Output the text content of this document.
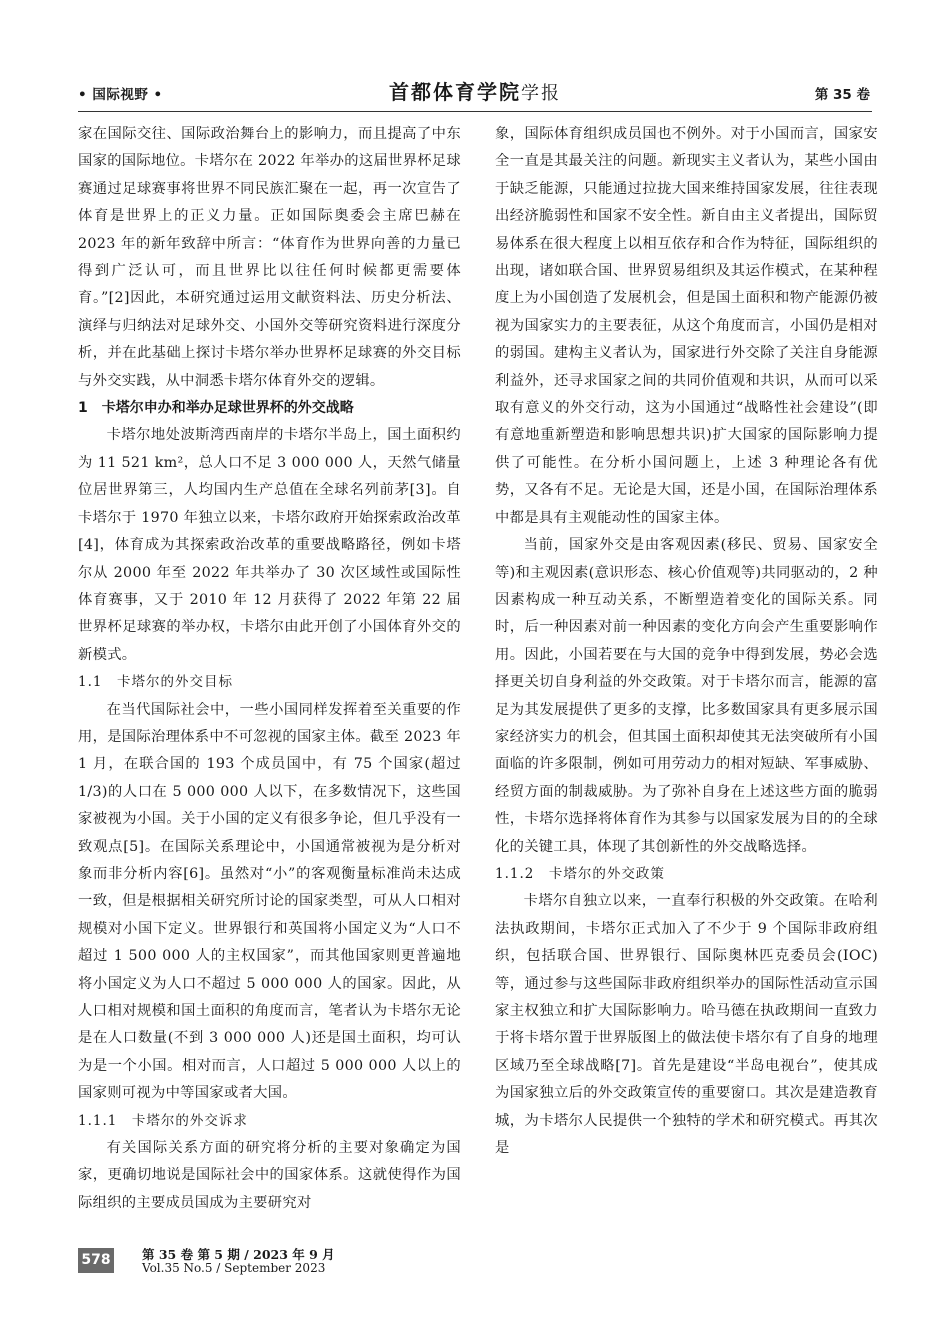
• 国际视野 •	首都体育学院学报	第 35 卷

家在国际交往、国际政治舞台上的影响力，而且提高了中东国家的国际地位。卡塔尔在 2022 年举办的这届世界杯足球赛通过足球赛事将世界不同民族汇聚在一起，再一次宣告了体育是世界上的正义力量。正如国际奥委会主席巴赫在 2023 年的新年致辞中所言：“体育作为世界向善的力量已得到广泛认可，而且世界比以往任何时候都更需要体育。”[2]因此，本研究通过运用文献资料法、历史分析法、演绎与归纳法对足球外交、小国外交等研究资料进行深度分析，并在此基础上探讨卡塔尔举办世界杯足球赛的外交目标与外交实践，从中洞悉卡塔尔体育外交的逻辑。

1　卡塔尔申办和举办足球世界杯的外交战略

卡塔尔地处波斯湾西南岸的卡塔尔半岛上，国土面积约为 11 521 km²，总人口不足 3 000 000 人，天然气储量位居世界第三，人均国内生产总值在全球名列前茅[3]。自卡塔尔于 1970 年独立以来，卡塔尔政府开始探索政治改革[4]，体育成为其探索政治改革的重要战略路径，例如卡塔尔从 2000 年至 2022 年共举办了 30 次区域性或国际性体育赛事，又于 2010 年 12 月获得了 2022 年第 22 届世界杯足球赛的举办权，卡塔尔由此开创了小国体育外交的新模式。

1.1　卡塔尔的外交目标

在当代国际社会中，一些小国同样发挥着至关重要的作用，是国际治理体系中不可忽视的国家主体。截至 2023 年 1 月，在联合国的 193 个成员国中，有 75 个国家(超过 1/3)的人口在 5 000 000 人以下，在多数情况下，这些国家被视为小国。关于小国的定义有很多争论，但几乎没有一致观点[5]。在国际关系理论中，小国通常被视为是分析对象而非分析内容[6]。虽然对“小”的客观衡量标准尚未达成一致，但是根据相关研究所讨论的国家类型，可从人口相对规模对小国下定义。世界银行和英国将小国定义为“人口不超过 1 500 000 人的主权国家”，而其他国家则更普遍地将小国定义为人口不超过 5 000 000 人的国家。因此，从人口相对规模和国土面积的角度而言，笔者认为卡塔尔无论是在人口数量(不到 3 000 000 人)还是国土面积，均可认为是一个小国。相对而言，人口超过 5 000 000 人以上的国家则可视为中等国家或者大国。

1.1.1　卡塔尔的外交诉求

有关国际关系方面的研究将分析的主要对象确定为国家，更确切地说是国际社会中的国家体系。这就使得作为国际组织的主要成员国成为主要研究对

象，国际体育组织成员国也不例外。对于小国而言，国家安全一直是其最关注的问题。新现实主义者认为，某些小国由于缺乏能源，只能通过拉拢大国来维持国家发展，往往表现出经济脆弱性和国家不安全性。新自由主义者提出，国际贸易体系在很大程度上以相互依存和合作为特征，国际组织的出现，诸如联合国、世界贸易组织及其运作模式，在某种程度上为小国创造了发展机会，但是国土面积和物产能源仍被视为国家实力的主要表征，从这个角度而言，小国仍是相对的弱国。建构主义者认为，国家进行外交除了关注自身能源利益外，还寻求国家之间的共同价值观和共识，从而可以采取有意义的外交行动，这为小国通过“战略性社会建设”(即有意地重新塑造和影响思想共识)扩大国家的国际影响力提供了可能性。在分析小国问题上，上述 3 种理论各有优势，又各有不足。无论是大国，还是小国，在国际治理体系中都是具有主观能动性的国家主体。

当前，国家外交是由客观因素(移民、贸易、国家安全等)和主观因素(意识形态、核心价值观等)共同驱动的，2 种因素构成一种互动关系，不断塑造着变化的国际关系。同时，后一种因素对前一种因素的变化方向会产生重要影响作用。因此，小国若要在与大国的竞争中得到发展，势必会选择更关切自身利益的外交政策。对于卡塔尔而言，能源的富足为其发展提供了更多的支撑，比多数国家具有更多展示国家经济实力的机会，但其国土面积却使其无法突破所有小国面临的许多限制，例如可用劳动力的相对短缺、军事威胁、经贸方面的制裁威胁。为了弥补自身在上述这些方面的脆弱性，卡塔尔选择将体育作为其参与以国家发展为目的的全球化的关键工具，体现了其创新性的外交战略选择。

1.1.2　卡塔尔的外交政策

卡塔尔自独立以来，一直奉行积极的外交政策。在哈利法执政期间，卡塔尔正式加入了不少于 9 个国际非政府组织，包括联合国、世界银行、国际奥林匹克委员会(IOC)等，通过参与这些国际非政府组织举办的国际性活动宣示国家主权独立和扩大国际影响力。哈马德在执政期间一直致力于将卡塔尔置于世界版图上的做法使卡塔尔有了自身的地理区域乃至全球战略[7]。首先是建设“半岛电视台”，使其成为国家独立后的外交政策宣传的重要窗口。其次是建造教育城，为卡塔尔人民提供一个独特的学术和研究模式。再其次是

578	第 35 卷 第 5 期 / 2023 年 9 月
Vol.35 No.5 / September 2023
